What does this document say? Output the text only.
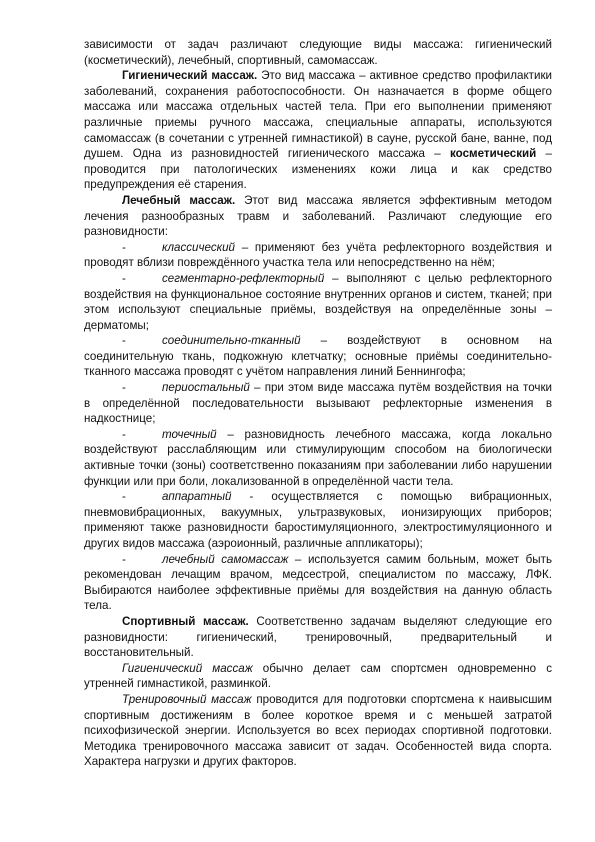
зависимости от задач различают следующие виды массажа: гигиенический (косметический), лечебный, спортивный, самомассаж.

Гигиенический массаж. Это вид массажа – активное средство профилактики заболеваний, сохранения работоспособности. Он назначается в форме общего массажа или массажа отдельных частей тела. При его выполнении применяют различные приемы ручного массажа, специальные аппараты, используются самомассаж (в сочетании с утренней гимнастикой) в сауне, русской бане, ванне, под душем. Одна из разновидностей гигиенического массажа – косметический – проводится при патологических изменениях кожи лица и как средство предупреждения её старения.

Лечебный массаж. Этот вид массажа является эффективным методом лечения разнообразных травм и заболеваний. Различают следующие его разновидности:

-	классический – применяют без учёта рефлекторного воздействия и проводят вблизи повреждённого участка тела или непосредственно на нём;

-	сегментарно-рефлекторный – выполняют с целью рефлекторного воздействия на функциональное состояние внутренних органов и систем, тканей; при этом используют специальные приёмы, воздействуя на определённые зоны – дерматомы;

-	соединительно-тканный – воздействуют в основном на соединительную ткань, подкожную клетчатку; основные приёмы соединительно-тканного массажа проводят с учётом направления линий Беннингофа;

-	периостальный – при этом виде массажа путём воздействия на точки в определённой последовательности вызывают рефлекторные изменения в надкостнице;

-	точечный – разновидность лечебного массажа, когда локально воздействуют расслабляющим или стимулирующим способом на биологически активные точки (зоны) соответственно показаниям при заболевании либо нарушении функции или при боли, локализованной в определённой части тела.

-	аппаратный - осуществляется с помощью вибрационных, пневмовибрационных, вакуумных, ультразвуковых, ионизирующих приборов; применяют также разновидности баростимуляционного, электростимуляционного и других видов массажа (аэроионный, различные аппликаторы);

-	лечебный самомассаж – используется самим больным, может быть рекомендован лечащим врачом, медсестрой, специалистом по массажу, ЛФК. Выбираются наиболее эффективные приёмы для воздействия на данную область тела.

Спортивный массаж. Соответственно задачам выделяют следующие его разновидности: гигиенический, тренировочный, предварительный и восстановительный.

Гигиенический массаж обычно делает сам спортсмен одновременно с утренней гимнастикой, разминкой.

Тренировочный массаж проводится для подготовки спортсмена к наивысшим спортивным достижениям в более короткое время и с меньшей затратой психофизической энергии. Используется во всех периодах спортивной подготовки. Методика тренировочного массажа зависит от задач. Особенностей вида спорта. Характера нагрузки и других факторов.
